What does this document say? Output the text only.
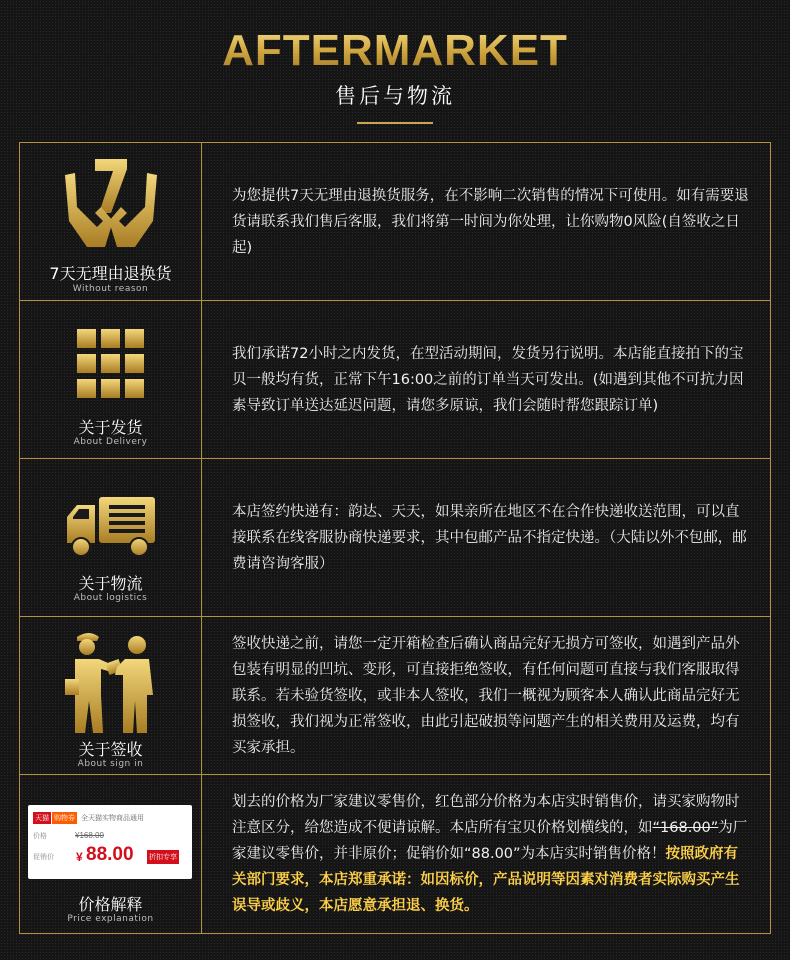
AFTERMARKET
售后与物流
7天无理由退换货
Without reason

为您提供7天无理由退换货服务，在不影响二次销售的情况下可使用。如有需要退货请联系我们售后客服，我们将第一时间为你处理，让你购物0风险(自签收之日起)

关于发货
About Delivery

我们承诺72小时之内发货，在型活动期间，发货另行说明。本店能直接拍下的宝贝一般均有货，正常下午16:00之前的订单当天可发出。(如遇到其他不可抗力因素导致订单送达延迟问题，请您多原谅，我们会随时帮您跟踪订单)

关于物流
About logistics

本店签约快递有：韵达、天天，如果亲所在地区不在合作快递收送范围，可以直接联系在线客服协商快递要求，其中包邮产品不指定快递。（大陆以外不包邮，邮费请咨询客服）

关于签收
About sign in

签收快递之前，请您一定开箱检查后确认商品完好无损方可签收，如遇到产品外包装有明显的凹坑、变形，可直接拒绝签收，有任何问题可直接与我们客服取得联系。若未验货签收，或非本人签收，我们一概视为顾客本人确认此商品完好无损签收，我们视为正常签收，由此引起破损等问题产生的相关费用及运费，均有买家承担。

天猫 购物券 全天猫实物商品通用
价格	¥168.00
促销价 ¥ 88.00 折扣专享
价格解释
Price explanation

划去的价格为厂家建议零售价，红色部分价格为本店实时销售价，请买家购物时注意区分，给您造成不便请谅解。本店所有宝贝价格划横线的，如“168.00”为厂家建议零售价，并非原价；促销价如“88.00”为本店实时销售价格！按照政府有关部门要求，本店郑重承诺：如因标价，产品说明等因素对消费者实际购买产生误导或歧义，本店愿意承担退、换货。
